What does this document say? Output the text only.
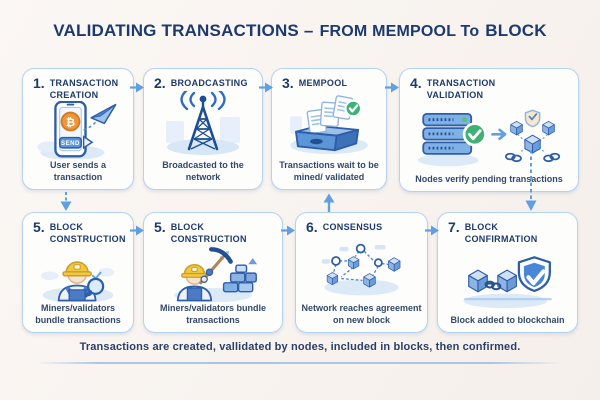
VALIDATING TRANSACTIONS – FROM MEMPOOL To BLOCK
1. TRANSACTION CREATION
₿
SEND
User sends a transaction
2. BROADCASTING
Broadcasted to the network
3. MEMPOOL
Transactions wait to be mined/ validated
4. TRANSACTION VALIDATION
Nodes verify pending transactions
5. BLOCK CONSTRUCTION
Miners/validators bundle transactions
5. BLOCK CONSTRUCTION
Miners/validators bundle transactions
6. CONSENSUS
Network reaches agreement on new block
7. BLOCK CONFIRMATION
Block added to blockchain
Transactions are created, vallidated by nodes, included in blocks, then confirmed.
